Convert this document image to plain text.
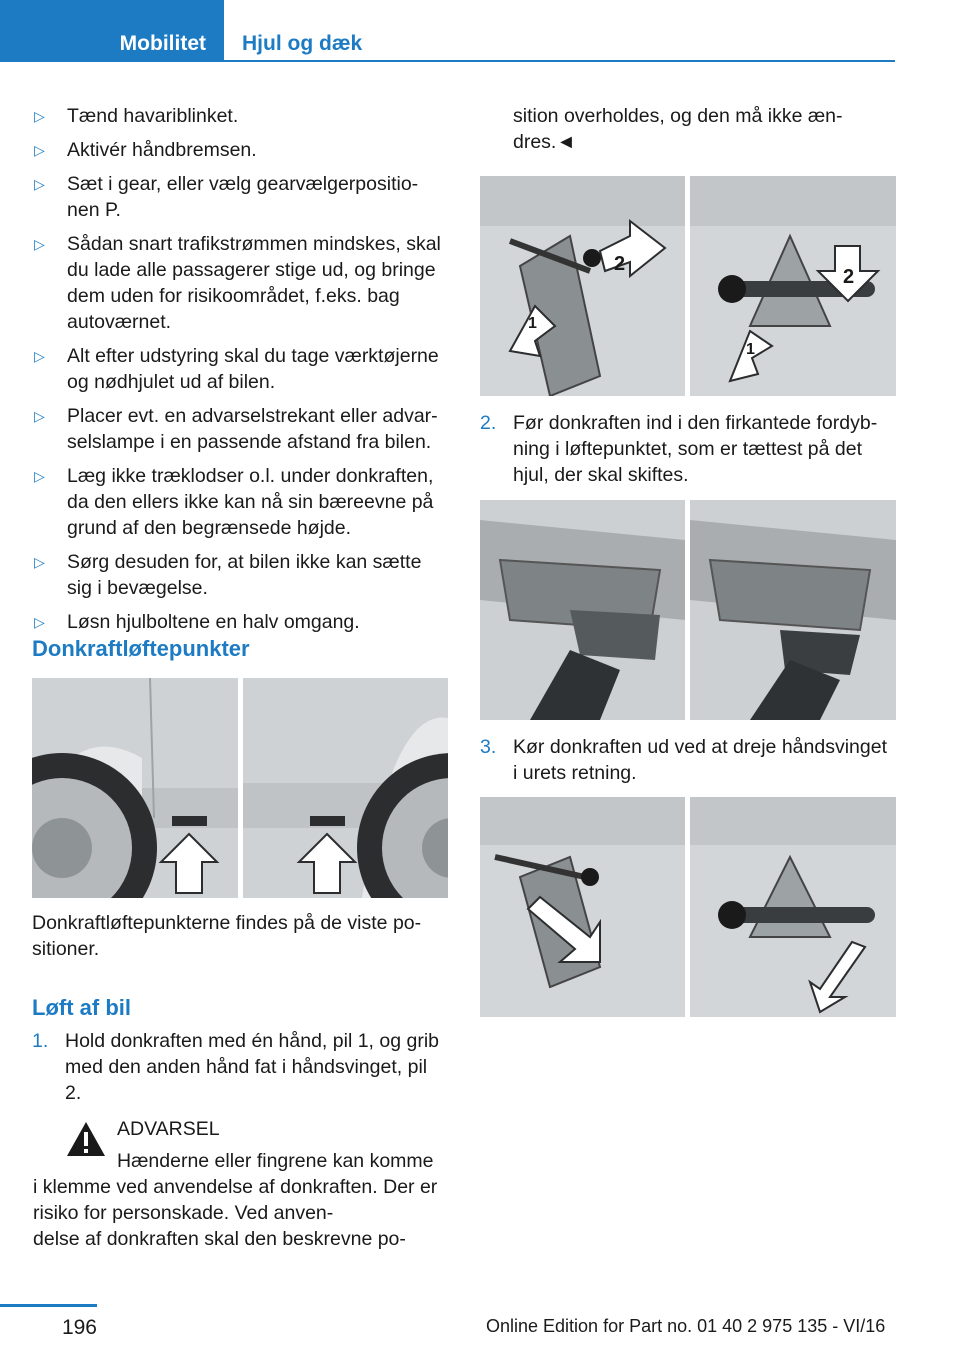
Mobilitet	Hjul og dæk
▷	Tænd havariblinket.
▷	Aktivér håndbremsen.
▷	Sæt i gear, eller vælg gearvælgerpositio-
nen P.
▷	Sådan snart trafikstrømmen mindskes, skal du lade alle passagerer stige ud, og bringe dem uden for risikoområdet, f.eks. bag autoværnet.
▷	Alt efter udstyring skal du tage værktøjerne og nødhjulet ud af bilen.
▷	Placer evt. en advarselstrekant eller advar-
selslampe i en passende afstand fra bilen.
▷	Læg ikke træklodser o.l. under donkraften, da den ellers ikke kan nå sin bæreevne på grund af den begrænsede højde.
▷	Sørg desuden for, at bilen ikke kan sætte sig i bevægelse.
▷	Løsn hjulboltene en halv omgang.
Donkraftløftepunkter

Donkraftløftepunkterne findes på de viste po-
sitioner.

Løft af bil
1. Hold donkraften med én hånd, pil 1, og grib med den anden hånd fat i håndsvinget, pil 2.
ADVARSEL
Hænderne eller fingrene kan komme
i klemme ved anvendelse af donkraften. Der er risiko for personskade. Ved anven-
delse af donkraften skal den beskrevne po-

sition overholdes, og den må ikke æn-
dres.◄

2
1
2
1
2. Før donkraften ind i den firkantede fordyb-
ning i løftepunktet, som er tættest på det hjul, der skal skiftes.
3. Kør donkraften ud ved at dreje håndsvinget i urets retning.
196	Online Edition for Part no. 01 40 2 975 135 - VI/16
